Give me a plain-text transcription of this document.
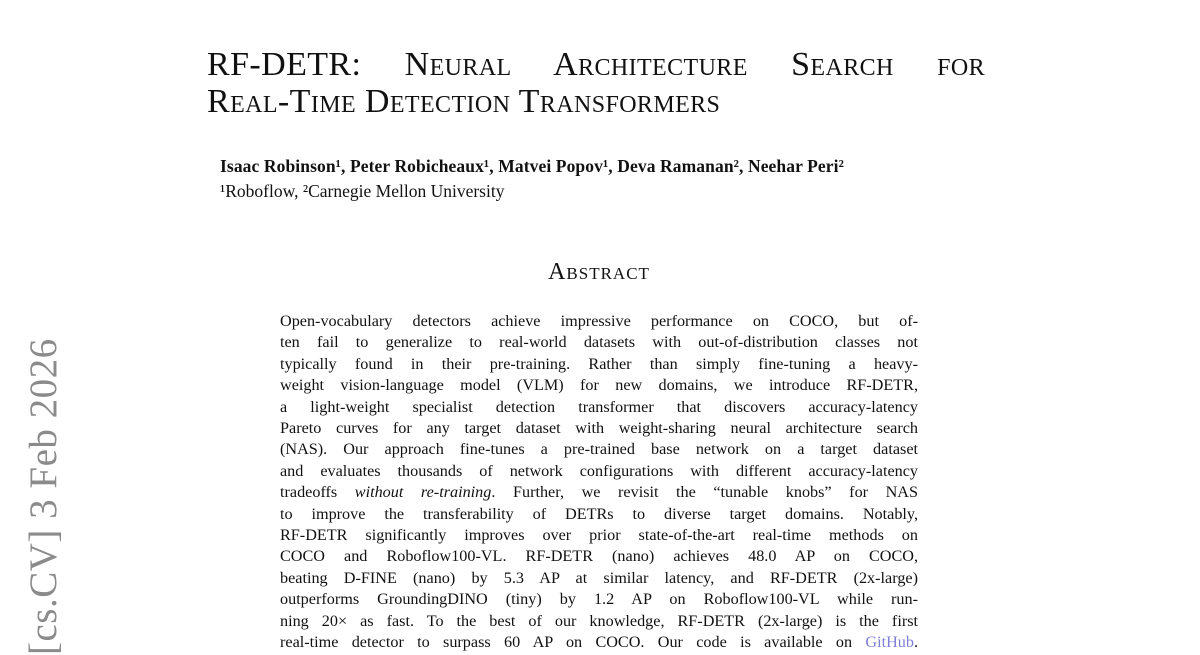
[cs.CV] 3 Feb 2026
RF-DETR: Neural Architecture Search for
Real-Time Detection Transformers
Isaac Robinson¹, Peter Robicheaux¹, Matvei Popov¹, Deva Ramanan², Neehar Peri²
¹Roboflow, ²Carnegie Mellon University
Abstract
Open-vocabulary detectors achieve impressive performance on COCO, but of-
ten fail to generalize to real-world datasets with out-of-distribution classes not
typically found in their pre-training. Rather than simply fine-tuning a heavy-
weight vision-language model (VLM) for new domains, we introduce RF-DETR,
a light-weight specialist detection transformer that discovers accuracy-latency
Pareto curves for any target dataset with weight-sharing neural architecture search
(NAS). Our approach fine-tunes a pre-trained base network on a target dataset
and evaluates thousands of network configurations with different accuracy-latency
tradeoffs without re-training. Further, we revisit the “tunable knobs” for NAS
to improve the transferability of DETRs to diverse target domains. Notably,
RF-DETR significantly improves over prior state-of-the-art real-time methods on
COCO and Roboflow100-VL. RF-DETR (nano) achieves 48.0 AP on COCO,
beating D-FINE (nano) by 5.3 AP at similar latency, and RF-DETR (2x-large)
outperforms GroundingDINO (tiny) by 1.2 AP on Roboflow100-VL while run-
ning 20× as fast. To the best of our knowledge, RF-DETR (2x-large) is the first
real-time detector to surpass 60 AP on COCO. Our code is available on GitHub.
